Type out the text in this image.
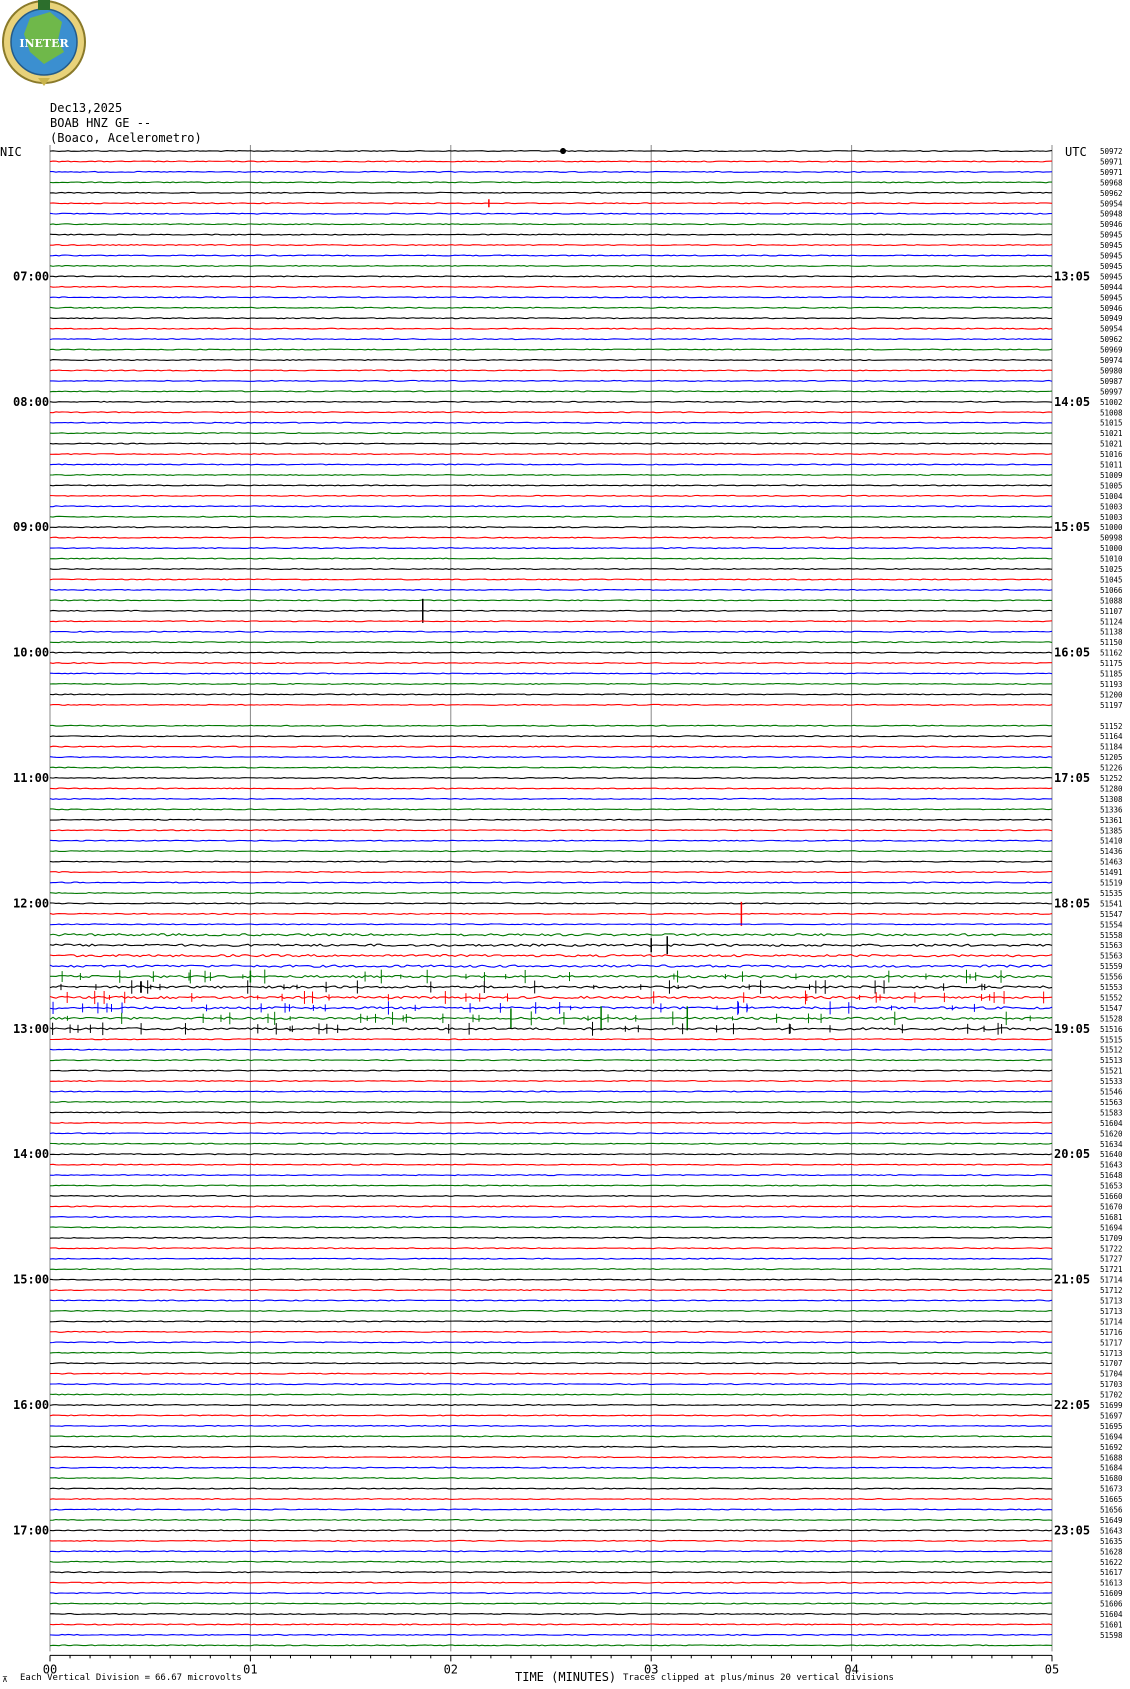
INETER
Dec13,2025
BOAB HNZ GE --
(Boaco, Acelerometro)
NIC	UTC
07:00
08:00
09:00
10:00
11:00
12:00
13:00
14:00
15:00
16:00
17:00
13:05
14:05
15:05
16:05
17:05
18:05
19:05
20:05
21:05
22:05
23:05
50972
50971
50971
50968
50962
50954
50948
50946
50945
50945
50945
50945
50945
50944
50945
50946
50949
50954
50962
50969
50974
50980
50987
50997
51002
51008
51015
51021
51021
51016
51011
51009
51005
51004
51003
51003
51000
50998
51000
51010
51025
51045
51066
51088
51107
51124
51138
51150
51162
51175
51185
51193
51200
51197
51152
51164
51184
51205
51226
51252
51280
51308
51336
51361
51385
51410
51436
51463
51491
51519
51535
51541
51547
51554
51558
51563
51563
51559
51556
51553
51552
51547
51528
51516
51515
51512
51513
51521
51533
51546
51563
51583
51604
51620
51634
51640
51643
51648
51653
51660
51670
51681
51694
51709
51722
51727
51721
51714
51712
51713
51713
51714
51716
51717
51713
51707
51704
51703
51702
51699
51697
51695
51694
51692
51688
51684
51680
51673
51665
51656
51649
51643
51635
51628
51622
51617
51613
51609
51606
51604
51601
51598
00	01	02	03	04	05
⊼ Each Vertical Division = 66.67 microvolts	TIME (MINUTES) Traces clipped at plus/minus 20 vertical divisions
